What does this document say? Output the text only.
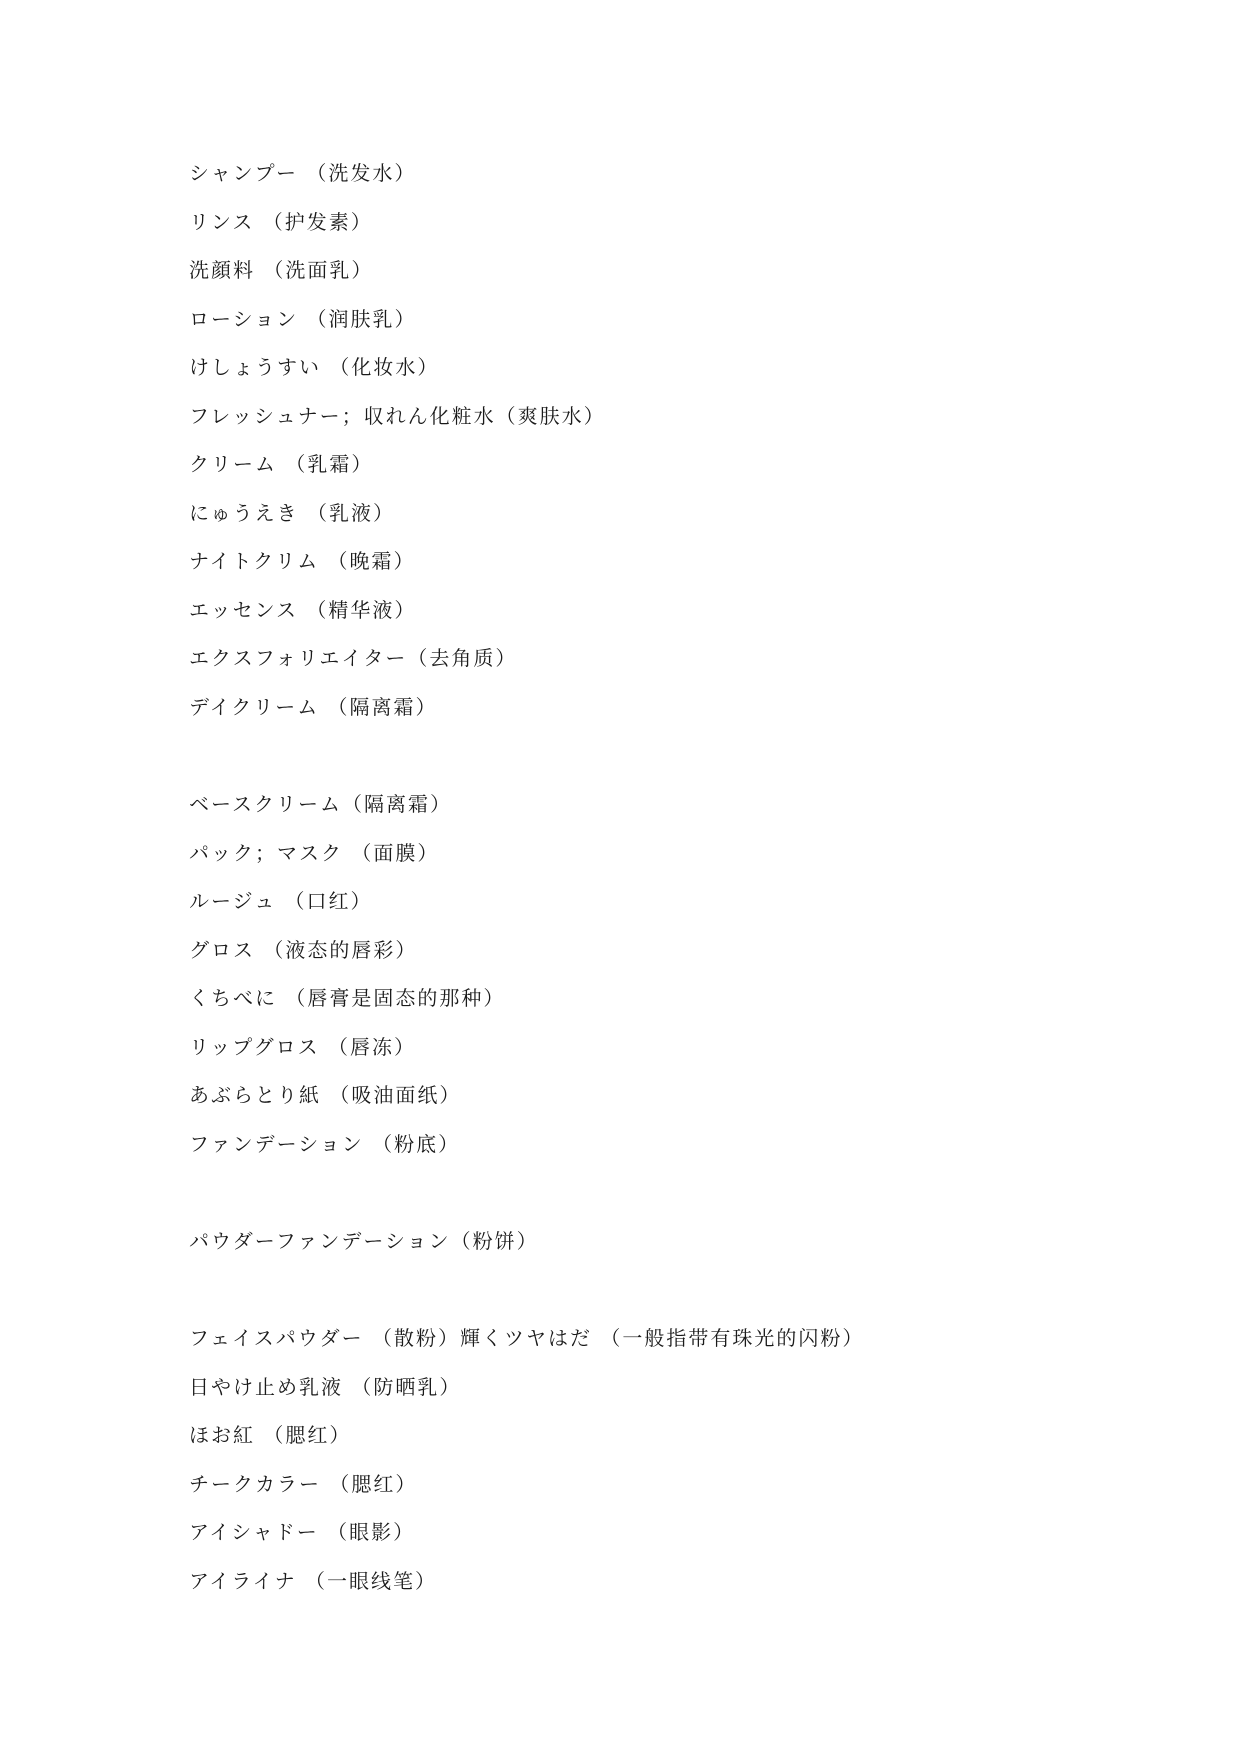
シャンプー （洗发水）
リンス （护发素）
洗顔料 （洗面乳）
ローション （润肤乳）
けしょうすい （化妆水）
フレッシュナー；収れん化粧水（爽肤水）
クリーム （乳霜）
にゅうえき （乳液）
ナイトクリム （晚霜）
エッセンス （精华液）
エクスフォリエイター（去角质）
デイクリーム （隔离霜）
ベースクリーム（隔离霜）
パック；マスク （面膜）
ルージュ （口红）
グロス （液态的唇彩）
くちべに （唇膏是固态的那种）
リップグロス （唇冻）
あぶらとり紙 （吸油面纸）
ファンデーション （粉底）
パウダーファンデーション（粉饼）
フェイスパウダー （散粉）輝くツヤはだ （一般指带有珠光的闪粉）
日やけ止め乳液 （防晒乳）
ほお紅 （腮红）
チークカラー （腮红）
アイシャドー （眼影）
アイライナ （一眼线笔）
